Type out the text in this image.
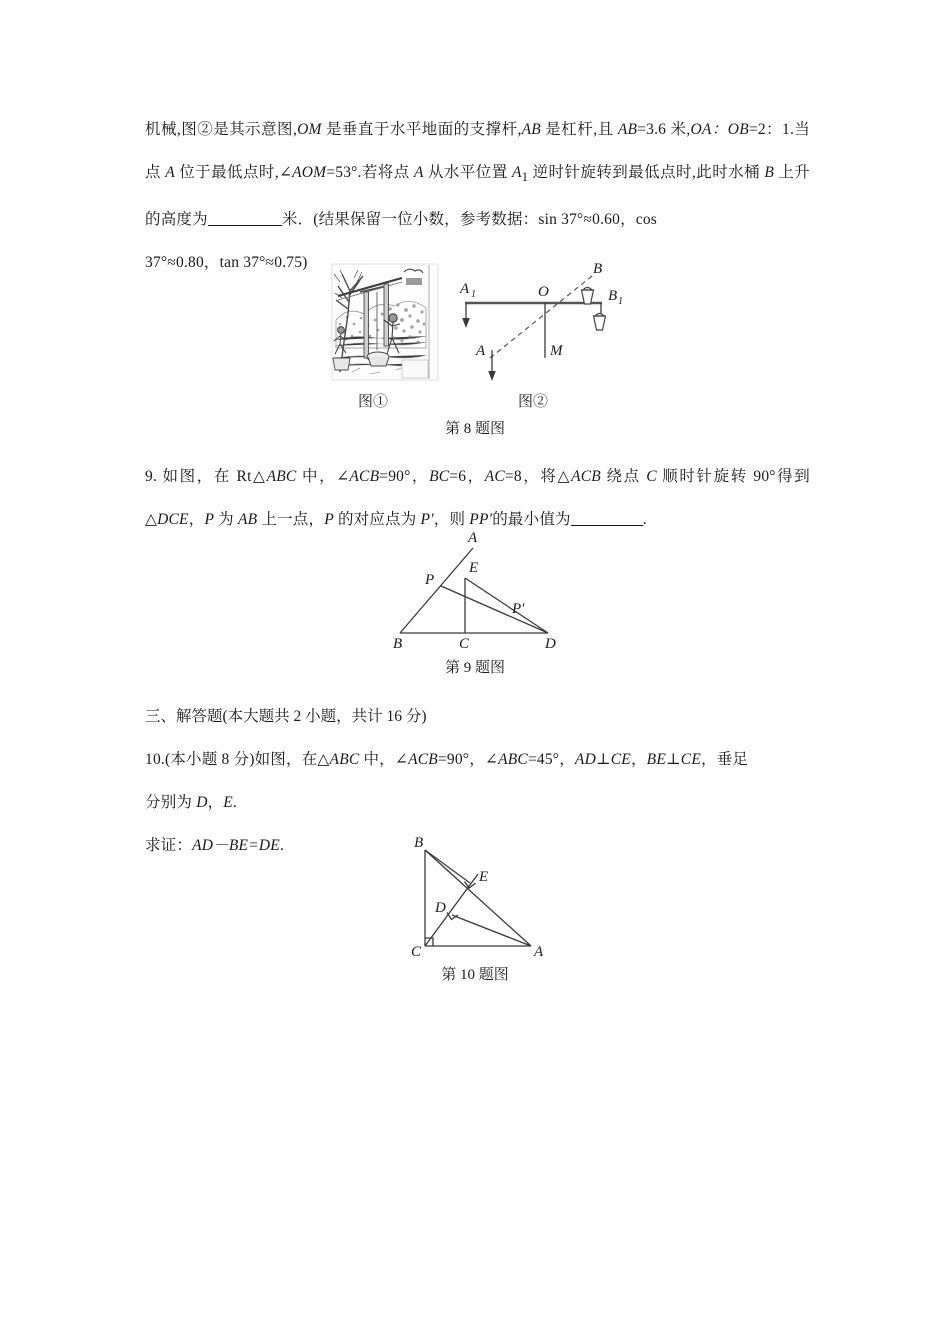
机械,图②是其示意图,OM 是垂直于水平地面的支撑杆,AB 是杠杆,且 AB=3.6 米,OA：OB=2：1.当点 A 位于最低点时,∠AOM=53°.若将点 A 从水平位置 $A_1$ 逆时针旋转到最低点时,此时水桶 B 上升的高度为	米．(结果保留一位小数，参考数据：sin 37°≈0.60，cos

37°≈0.80，tan 37°≈0.75)

A 1	O
B
B 1
A	M
图①	图②
第 8 题图

9. 如图，在 Rt△ABC 中，∠ACB=90°，BC=6，AC=8，将△ACB 绕点 C 顺时针旋转 90°得到△DCE，P 为 AB 上一点，P 的对应点为 P′，则 PP′的最小值为	.

A
B	C	D
E
P
P′
第 9 题图
三、解答题(本大题共 2 小题，共计 16 分)

10.(本小题 8 分)如图，在△ABC 中，∠ACB=90°，∠ABC=45°，AD⊥CE，BE⊥CE，垂足

分别为 D，E.

求证：AD－BE=DE.	B
C	A
E
D
第 10 题图
